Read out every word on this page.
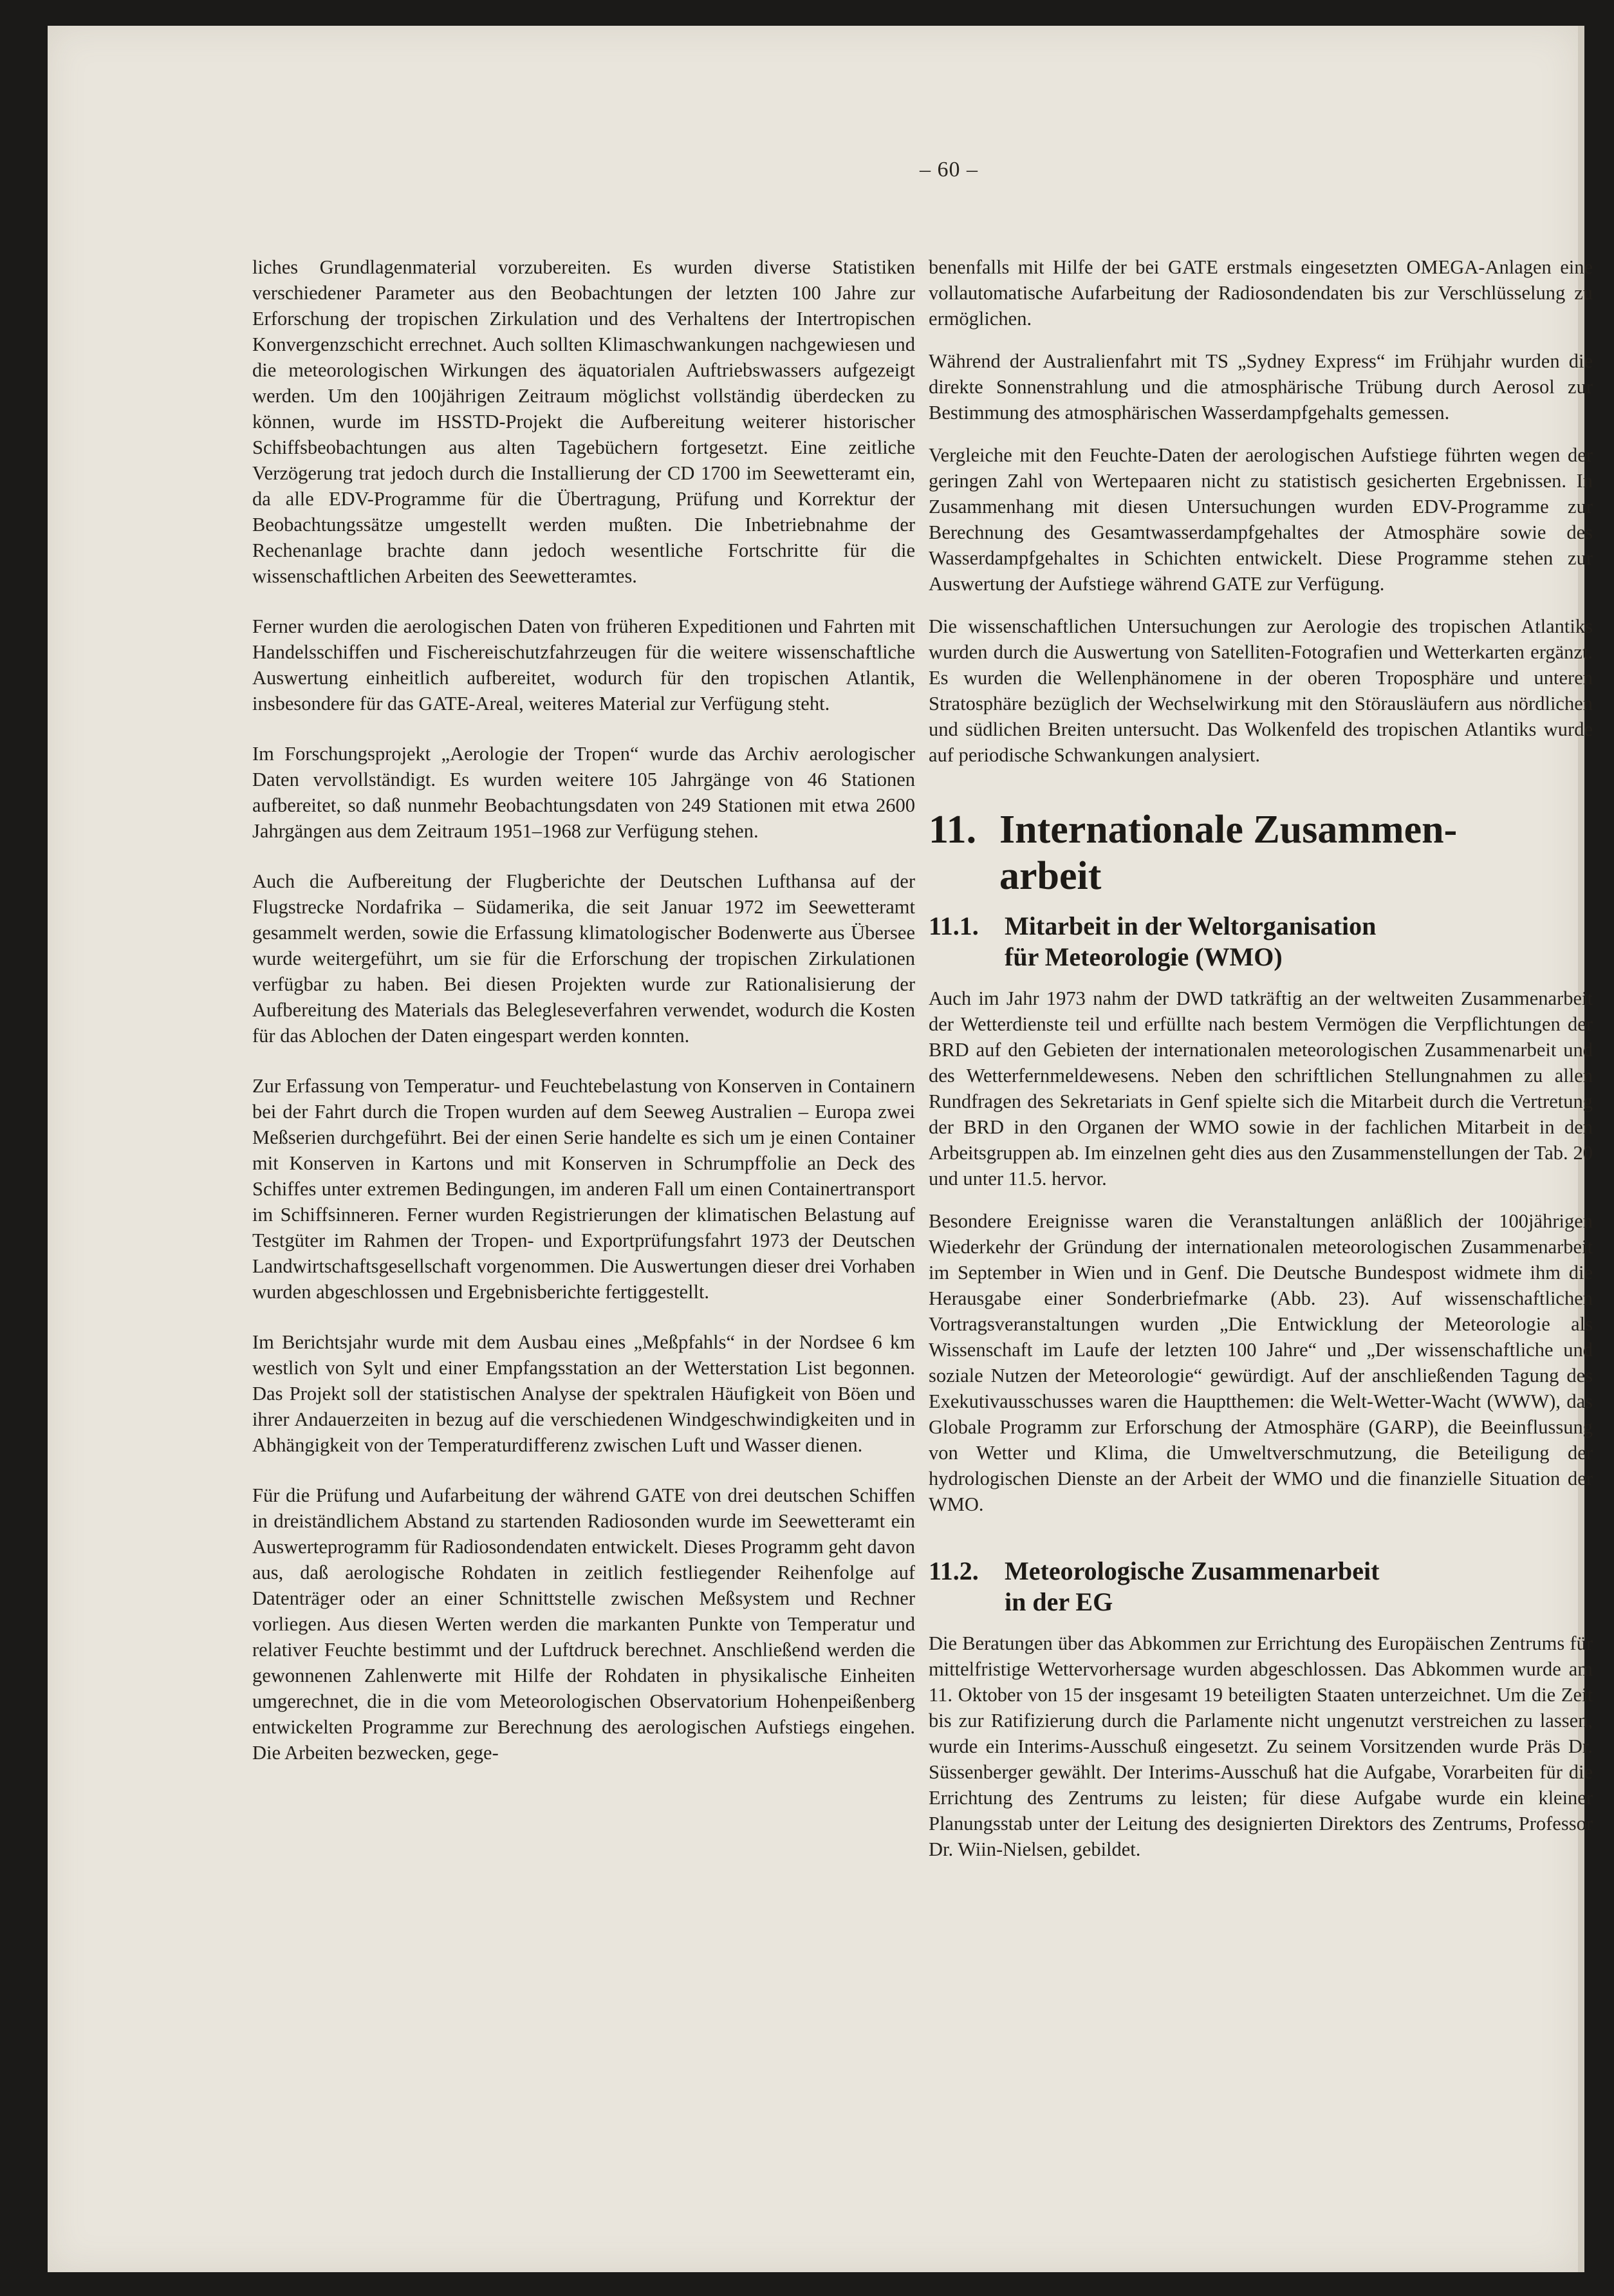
– 60 –

liches Grundlagenmaterial vorzubereiten. Es wurden diverse Statistiken verschiedener Parameter aus den Beobachtungen der letzten 100 Jahre zur Erforschung der tropischen Zirkulation und des Verhaltens der Intertropischen Konvergenzschicht errechnet. Auch sollten Klimaschwankungen nachgewiesen und die meteorologischen Wirkungen des äquatorialen Auftriebswassers aufgezeigt werden. Um den 100jährigen Zeitraum möglichst vollständig überdecken zu können, wurde im HSSTD-Projekt die Aufbereitung weiterer historischer Schiffsbeobachtungen aus alten Tagebüchern fortgesetzt. Eine zeitliche Verzögerung trat jedoch durch die Installierung der CD 1700 im Seewetteramt ein, da alle EDV-Programme für die Übertragung, Prüfung und Korrektur der Beobachtungssätze umgestellt werden mußten. Die Inbetriebnahme der Rechenanlage brachte dann jedoch wesentliche Fortschritte für die wissenschaftlichen Arbeiten des Seewetteramtes.

Ferner wurden die aerologischen Daten von früheren Expeditionen und Fahrten mit Handelsschiffen und Fischereischutzfahrzeugen für die weitere wissenschaftliche Auswertung einheitlich aufbereitet, wodurch für den tropischen Atlantik, insbesondere für das GATE-Areal, weiteres Material zur Verfügung steht.

Im Forschungsprojekt „Aerologie der Tropen“ wurde das Archiv aerologischer Daten vervollständigt. Es wurden weitere 105 Jahrgänge von 46 Stationen aufbereitet, so daß nunmehr Beobachtungsdaten von 249 Stationen mit etwa 2600 Jahrgängen aus dem Zeitraum 1951–1968 zur Verfügung stehen.

Auch die Aufbereitung der Flugberichte der Deutschen Lufthansa auf der Flugstrecke Nordafrika – Südamerika, die seit Januar 1972 im Seewetteramt gesammelt werden, sowie die Erfassung klimatologischer Bodenwerte aus Übersee wurde weitergeführt, um sie für die Erforschung der tropischen Zirkulationen verfügbar zu haben. Bei diesen Projekten wurde zur Rationalisierung der Aufbereitung des Materials das Belegleseverfahren verwendet, wodurch die Kosten für das Ablochen der Daten eingespart werden konnten.

Zur Erfassung von Temperatur- und Feuchtebelastung von Konserven in Containern bei der Fahrt durch die Tropen wurden auf dem Seeweg Australien – Europa zwei Meßserien durchgeführt. Bei der einen Serie handelte es sich um je einen Container mit Konserven in Kartons und mit Konserven in Schrumpffolie an Deck des Schiffes unter extremen Bedingungen, im anderen Fall um einen Containertransport im Schiffsinneren. Ferner wurden Registrierungen der klimatischen Belastung auf Testgüter im Rahmen der Tropen- und Exportprüfungsfahrt 1973 der Deutschen Landwirtschaftsgesellschaft vorgenommen. Die Auswertungen dieser drei Vorhaben wurden abgeschlossen und Ergebnisberichte fertiggestellt.

Im Berichtsjahr wurde mit dem Ausbau eines „Meßpfahls“ in der Nordsee 6 km westlich von Sylt und einer Empfangsstation an der Wetterstation List begonnen. Das Projekt soll der statistischen Analyse der spektralen Häufigkeit von Böen und ihrer Andauerzeiten in bezug auf die verschiedenen Windgeschwindigkeiten und in Abhängigkeit von der Temperaturdifferenz zwischen Luft und Wasser dienen.

Für die Prüfung und Aufarbeitung der während GATE von drei deutschen Schiffen in dreiständlichem Abstand zu startenden Radiosonden wurde im Seewetteramt ein Auswerteprogramm für Radiosondendaten entwickelt. Dieses Programm geht davon aus, daß aerologische Rohdaten in zeitlich festliegender Reihenfolge auf Datenträger oder an einer Schnittstelle zwischen Meßsystem und Rechner vorliegen. Aus diesen Werten werden die markanten Punkte von Temperatur und relativer Feuchte bestimmt und der Luftdruck berechnet. Anschließend werden die gewonnenen Zahlenwerte mit Hilfe der Rohdaten in physikalische Einheiten umgerechnet, die in die vom Meteorologischen Observatorium Hohenpeißenberg entwickelten Programme zur Berechnung des aerologischen Aufstiegs eingehen. Die Arbeiten bezwecken, gege-

benenfalls mit Hilfe der bei GATE erstmals eingesetzten OMEGA-Anlagen eine vollautomatische Aufarbeitung der Radiosondendaten bis zur Verschlüsselung zu ermöglichen.

Während der Australienfahrt mit TS „Sydney Express“ im Frühjahr wurden die direkte Sonnenstrahlung und die atmosphärische Trübung durch Aerosol zur Bestimmung des atmosphärischen Wasserdampfgehalts gemessen.

Vergleiche mit den Feuchte-Daten der aerologischen Aufstiege führten wegen der geringen Zahl von Wertepaaren nicht zu statistisch gesicherten Ergebnissen. In Zusammenhang mit diesen Untersuchungen wurden EDV-Programme zur Berechnung des Gesamtwasserdampfgehaltes der Atmosphäre sowie des Wasserdampfgehaltes in Schichten entwickelt. Diese Programme stehen zur Auswertung der Aufstiege während GATE zur Verfügung.

Die wissenschaftlichen Untersuchungen zur Aerologie des tropischen Atlantiks wurden durch die Auswertung von Satelliten-Fotografien und Wetterkarten ergänzt. Es wurden die Wellenphänomene in der oberen Troposphäre und unteren Stratosphäre bezüglich der Wechselwirkung mit den Störausläufern aus nördlichen und südlichen Breiten untersucht. Das Wolkenfeld des tropischen Atlantiks wurde auf periodische Schwankungen analysiert.

11. Internationale Zusammen-
arbeit
11.1. Mitarbeit in der Weltorganisation
für Meteorologie (WMO)

Auch im Jahr 1973 nahm der DWD tatkräftig an der weltweiten Zusammenarbeit der Wetterdienste teil und erfüllte nach bestem Vermögen die Verpflichtungen der BRD auf den Gebieten der internationalen meteorologischen Zusammenarbeit und des Wetterfernmeldewesens. Neben den schriftlichen Stellungnahmen zu allen Rundfragen des Sekretariats in Genf spielte sich die Mitarbeit durch die Vertretung der BRD in den Organen der WMO sowie in der fachlichen Mitarbeit in den Arbeitsgruppen ab. Im einzelnen geht dies aus den Zusammenstellungen der Tab. 20 und unter 11.5. hervor.

Besondere Ereignisse waren die Veranstaltungen anläßlich der 100jährigen Wiederkehr der Gründung der internationalen meteorologischen Zusammenarbeit im September in Wien und in Genf. Die Deutsche Bundespost widmete ihm die Herausgabe einer Sonderbriefmarke (Abb. 23). Auf wissenschaftlichen Vortragsveranstaltungen wurden „Die Entwicklung der Meteorologie als Wissenschaft im Laufe der letzten 100 Jahre“ und „Der wissenschaftliche und soziale Nutzen der Meteorologie“ gewürdigt. Auf der anschließenden Tagung des Exekutivausschusses waren die Hauptthemen: die Welt-Wetter-Wacht (WWW), das Globale Programm zur Erforschung der Atmosphäre (GARP), die Beeinflussung von Wetter und Klima, die Umweltverschmutzung, die Beteiligung der hydrologischen Dienste an der Arbeit der WMO und die finanzielle Situation der WMO.

11.2. Meteorologische Zusammenarbeit
in der EG

Die Beratungen über das Abkommen zur Errichtung des Europäischen Zentrums für mittelfristige Wettervorhersage wurden abgeschlossen. Das Abkommen wurde am 11. Oktober von 15 der insgesamt 19 beteiligten Staaten unterzeichnet. Um die Zeit bis zur Ratifizierung durch die Parlamente nicht ungenutzt verstreichen zu lassen, wurde ein Interims-Ausschuß eingesetzt. Zu seinem Vorsitzenden wurde Präs Dr. Süssenberger gewählt. Der Interims-Ausschuß hat die Aufgabe, Vorarbeiten für die Errichtung des Zentrums zu leisten; für diese Aufgabe wurde ein kleiner Planungsstab unter der Leitung des designierten Direktors des Zentrums, Professor Dr. Wiin-Nielsen, gebildet.
